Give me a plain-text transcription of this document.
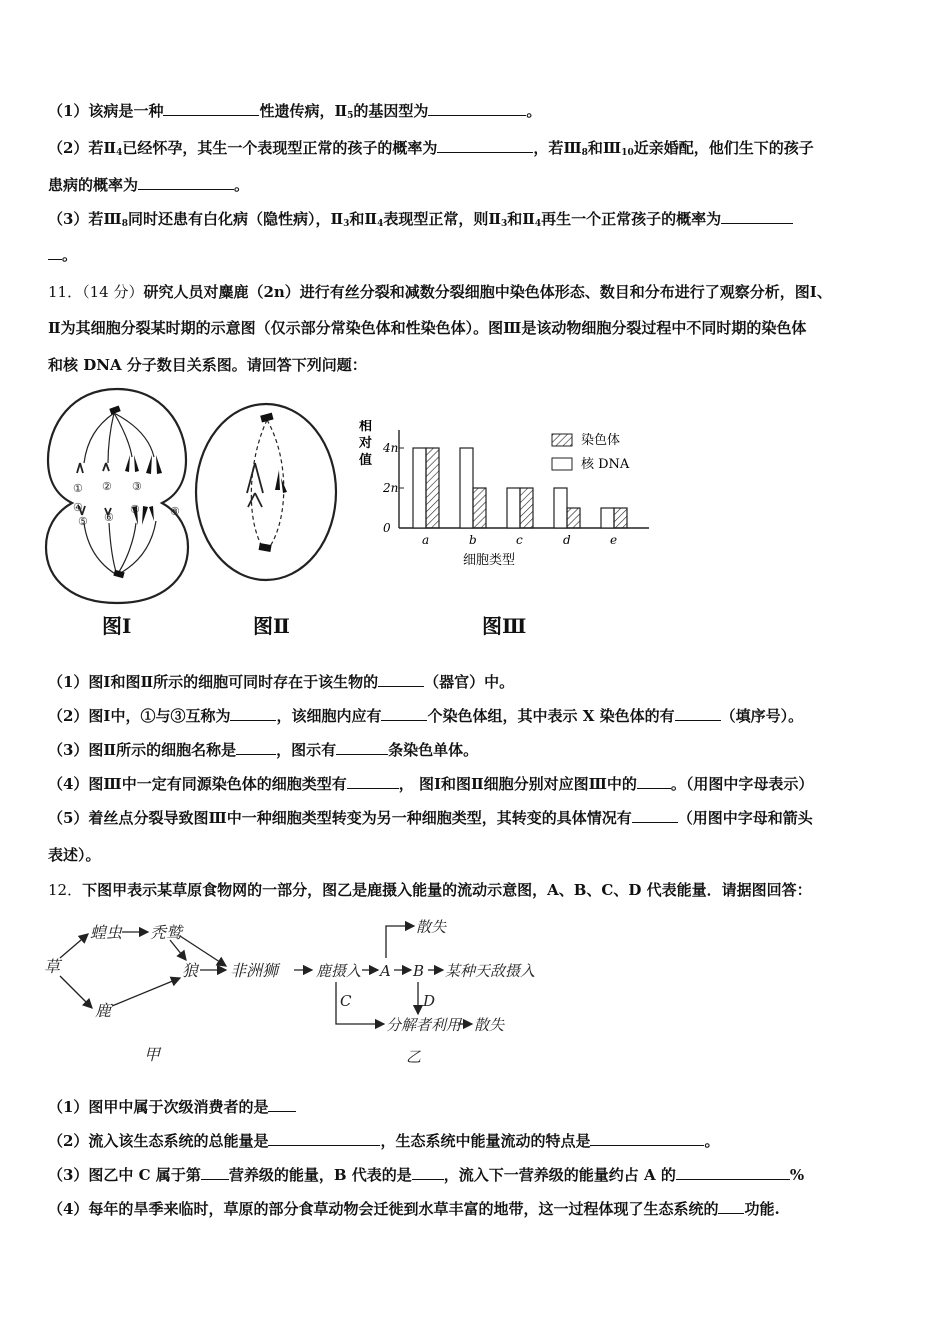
（1）该病是一种	性遗传病，$Ⅱ_5$的基因型为	。
（2）若$Ⅱ_4$已经怀孕，其生一个表现型正常的孩子的概率为	，若$Ⅲ_8$和$Ⅲ_{10}$近亲婚配，他们生下的孩子
患病的概率为	。
（3）若$Ⅲ_8$同时还患有白化病（隐性病），$Ⅱ_3$和$Ⅱ_4$表现型正常，则$Ⅱ_3$和$Ⅱ_4$再生一个正常孩子的概率为
。
11．（14 分）研究人员对麋鹿（2n）进行有丝分裂和减数分裂细胞中染色体形态、数目和分布进行了观察分析，图Ⅰ、
Ⅱ为其细胞分裂某时期的示意图（仅示部分常染色体和性染色体）。图Ⅲ是该动物细胞分裂过程中不同时期的染色体
和核 DNA 分子数目关系图。请回答下列问题：
① ② ③
④
⑤ ⑥
⑦	⑧
图Ⅰ	图Ⅱ
0
2n
4n
a	b	c	d	e
相对值
细胞类型
染色体
核 DNA
图Ⅲ
（1）图Ⅰ和图Ⅱ所示的细胞可同时存在于该生物的	（器官）中。
（2）图Ⅰ中，①与③互称为	，该细胞内应有	个染色体组，其中表示 X 染色体的有	（填序号）。
（3）图Ⅱ所示的细胞名称是	，图示有	条染色单体。
（4）图Ⅲ中一定有同源染色体的细胞类型有	， 图Ⅰ和图Ⅱ细胞分别对应图Ⅲ中的 。（用图中字母表示）
（5）着丝点分裂导致图Ⅲ中一种细胞类型转变为另一种细胞类型，其转变的具体情况有	（用图中字母和箭头
表述）。
12．下图甲表示某草原食物网的一部分，图乙是鹿摄入能量的流动示意图，A、B、C、D 代表能量．请据图回答：
草
蝗虫 秃鹫
狼 非洲狮
鹿
甲
鹿摄入 A B 某种天敌摄入
散失
D
C
分解者利用 散失
乙
（1）图甲中属于次级消费者的是
（2）流入该生态系统的总能量是	，生态系统中能量流动的特点是	。
（3）图乙中 C 属于第 营养级的能量，B 代表的是 ，流入下一营养级的能量约占 A 的	%
（4）每年的旱季来临时，草原的部分食草动物会迁徙到水草丰富的地带，这一过程体现了生态系统的 功能.
